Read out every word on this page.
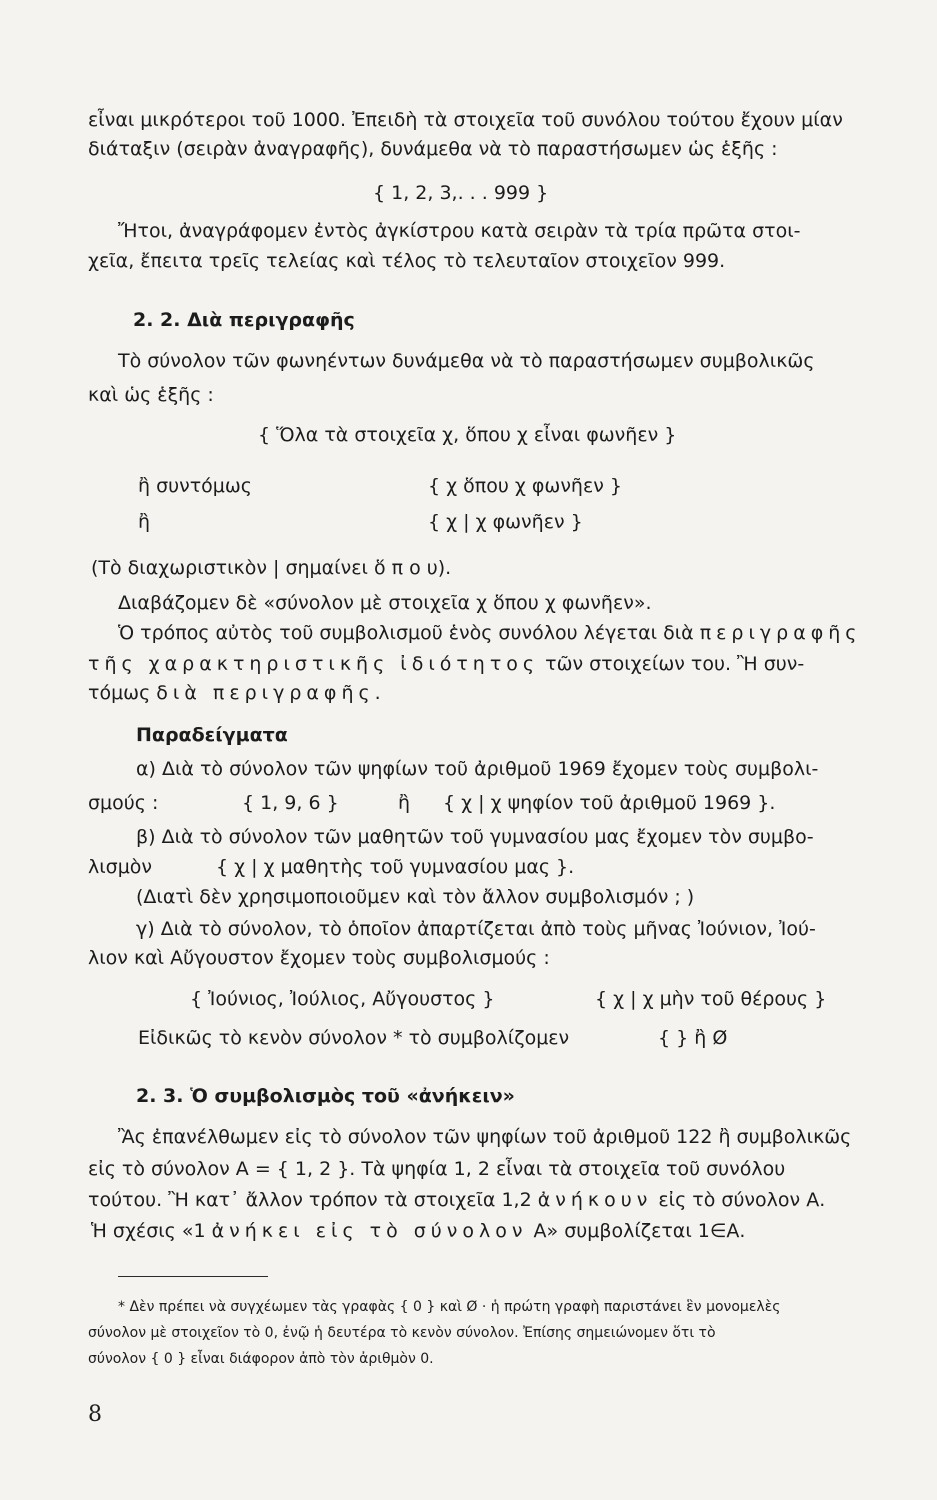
εἶναι μικρότεροι τοῦ 1000. Ἐπειδὴ τὰ στοιχεῖα τοῦ συνόλου τούτου ἔχουν μίαν
διάταξιν (σειρὰν ἀναγραφῆς), δυνάμεθα νὰ τὸ παραστήσωμεν ὡς ἑξῆς :
{ 1, 2, 3,. . . 999 }
Ἤτοι, ἀναγράφομεν ἐντὸς ἀγκίστρου κατὰ σειρὰν τὰ τρία πρῶτα στοι-
χεῖα, ἔπειτα τρεῖς τελείας καὶ τέλος τὸ τελευταῖον στοιχεῖον 999.
2. 2. Διὰ περιγραφῆς
Τὸ σύνολον τῶν φωνηέντων δυνάμεθα νὰ τὸ παραστήσωμεν συμβολικῶς
καὶ ὡς ἑξῆς :
{ Ὅλα τὰ στοιχεῖα χ, ὅπου χ εἶναι φωνῆεν }
ἢ συντόμως	{ χ ὅπου χ φωνῆεν }
ἢ	{ χ | χ φωνῆεν }
(Τὸ διαχωριστικὸν | σημαίνει ὅ π ο υ).
Διαβάζομεν δὲ «σύνολον μὲ στοιχεῖα χ ὅπου χ φωνῆεν».
Ὁ τρόπος αὐτὸς τοῦ συμβολισμοῦ ἑνὸς συνόλου λέγεται διὰ περιγραφῆς
τῆς χαρακτηριστικῆς ἰδιότητος τῶν στοιχείων του. Ἢ συν-
τόμως διὰ περιγραφῆς.
Παραδείγματα
α) Διὰ τὸ σύνολον τῶν ψηφίων τοῦ ἀριθμοῦ 1969 ἔχομεν τοὺς συμβολι-
σμούς :	{ 1, 9, 6 }	ἢ { χ | χ ψηφίον τοῦ ἀριθμοῦ 1969 }.
β) Διὰ τὸ σύνολον τῶν μαθητῶν τοῦ γυμνασίου μας ἔχομεν τὸν συμβο-
λισμὸν	{ χ | χ μαθητὴς τοῦ γυμνασίου μας }.
(Διατὶ δὲν χρησιμοποιοῦμεν καὶ τὸν ἄλλον συμβολισμόν ; )
γ) Διὰ τὸ σύνολον, τὸ ὁποῖον ἀπαρτίζεται ἀπὸ τοὺς μῆνας Ἰούνιον, Ἰού-
λιον καὶ Αὔγουστον ἔχομεν τοὺς συμβολισμούς :
{ Ἰούνιος, Ἰούλιος, Αὔγουστος }	{ χ | χ μὴν τοῦ θέρους }
Εἰδικῶς τὸ κενὸν σύνολον * τὸ συμβολίζομεν	{ } ἢ Ø
2. 3. Ὁ συμβολισμὸς τοῦ «ἀνήκειν»
Ἂς ἐπανέλθωμεν εἰς τὸ σύνολον τῶν ψηφίων τοῦ ἀριθμοῦ 122 ἢ συμβολικῶς
εἰς τὸ σύνολον A = { 1, 2 }. Τὰ ψηφία 1, 2 εἶναι τὰ στοιχεῖα τοῦ συνόλου
τούτου. Ἢ κατ᾽ ἄλλον τρόπον τὰ στοιχεῖα 1,2 ἀνήκουν εἰς τὸ σύνολον Α.
Ἡ σχέσις «1 ἀνήκει εἰς τὸ σύνολον Α» συμβολίζεται 1∈Α.
* Δὲν πρέπει νὰ συγχέωμεν τὰς γραφὰς { 0 } καὶ Ø · ἡ πρώτη γραφὴ παριστάνει ἓν μονομελὲς
σύνολον μὲ στοιχεῖον τὸ 0, ἐνῷ ἡ δευτέρα τὸ κενὸν σύνολον. Ἐπίσης σημειώνομεν ὅτι τὸ
σύνολον { 0 } εἶναι διάφορον ἀπὸ τὸν ἀριθμὸν 0.
8
